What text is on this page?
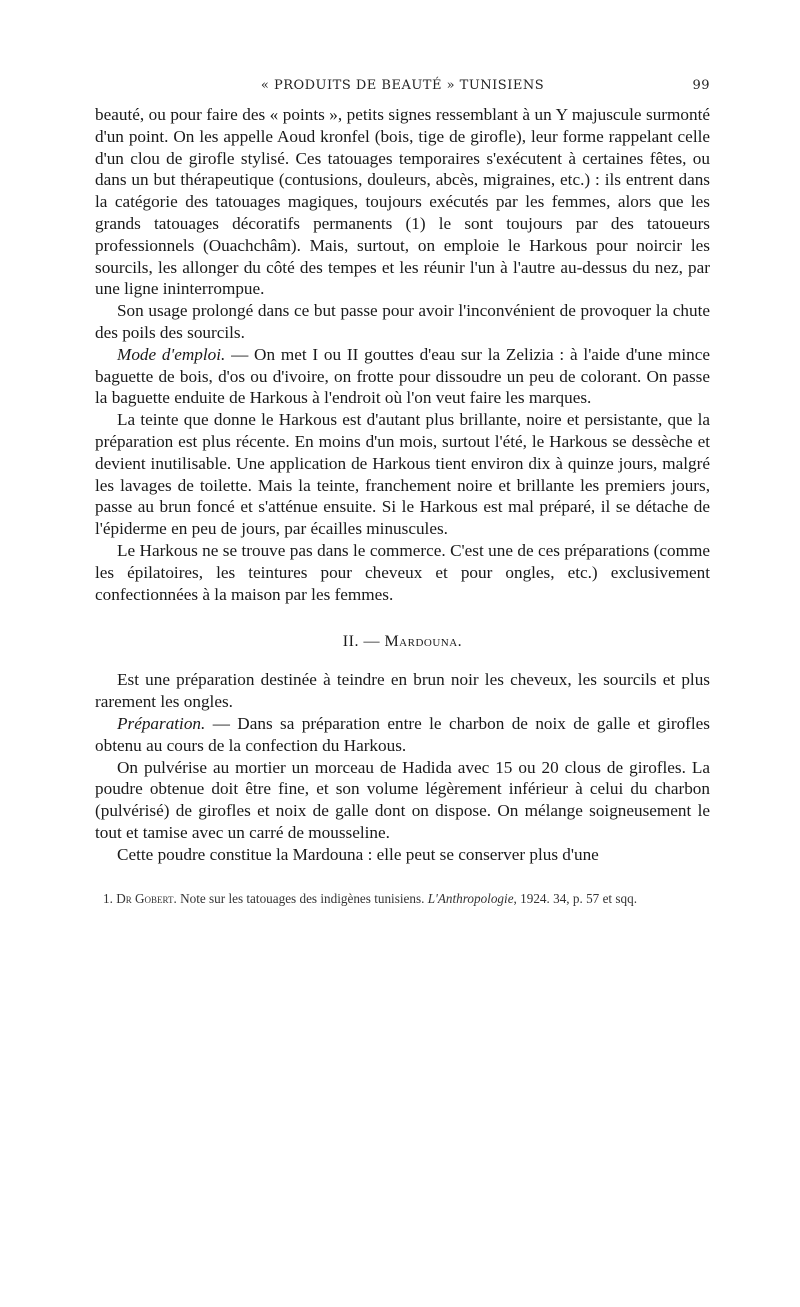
« PRODUITS DE BEAUTÉ » TUNISIENS	99

beauté, ou pour faire des « points », petits signes ressemblant à un Y majuscule surmonté d'un point. On les appelle Aoud kronfel (bois, tige de girofle), leur forme rappelant celle d'un clou de girofle stylisé. Ces tatouages temporaires s'exécutent à certaines fêtes, ou dans un but thérapeutique (contusions, douleurs, abcès, migraines, etc.) : ils entrent dans la catégorie des tatouages magiques, toujours exécutés par les femmes, alors que les grands tatouages décoratifs permanents (1) le sont toujours par des tatoueurs professionnels (Ouachchâm). Mais, surtout, on emploie le Harkous pour noircir les sourcils, les allonger du côté des tempes et les réunir l'un à l'autre au-dessus du nez, par une ligne ininterrompue.

Son usage prolongé dans ce but passe pour avoir l'inconvénient de provoquer la chute des poils des sourcils.

Mode d'emploi. — On met I ou II gouttes d'eau sur la Zelizia : à l'aide d'une mince baguette de bois, d'os ou d'ivoire, on frotte pour dissoudre un peu de colorant. On passe la baguette enduite de Harkous à l'endroit où l'on veut faire les marques.

La teinte que donne le Harkous est d'autant plus brillante, noire et persistante, que la préparation est plus récente. En moins d'un mois, surtout l'été, le Harkous se dessèche et devient inutilisable. Une application de Harkous tient environ dix à quinze jours, malgré les lavages de toilette. Mais la teinte, franchement noire et brillante les premiers jours, passe au brun foncé et s'atténue ensuite. Si le Harkous est mal préparé, il se détache de l'épiderme en peu de jours, par écailles minuscules.

Le Harkous ne se trouve pas dans le commerce. C'est une de ces préparations (comme les épilatoires, les teintures pour cheveux et pour ongles, etc.) exclusivement confectionnées à la maison par les femmes.

II. — Mardouna.

Est une préparation destinée à teindre en brun noir les cheveux, les sourcils et plus rarement les ongles.

Préparation. — Dans sa préparation entre le charbon de noix de galle et girofles obtenu au cours de la confection du Harkous.

On pulvérise au mortier un morceau de Hadida avec 15 ou 20 clous de girofles. La poudre obtenue doit être fine, et son volume légèrement inférieur à celui du charbon (pulvérisé) de girofles et noix de galle dont on dispose. On mélange soigneusement le tout et tamise avec un carré de mousseline.

Cette poudre constitue la Mardouna : elle peut se conserver plus d'une

1. Dr Gobert. Note sur les tatouages des indigènes tunisiens. L'Anthropologie, 1924. 34, p. 57 et sqq.
